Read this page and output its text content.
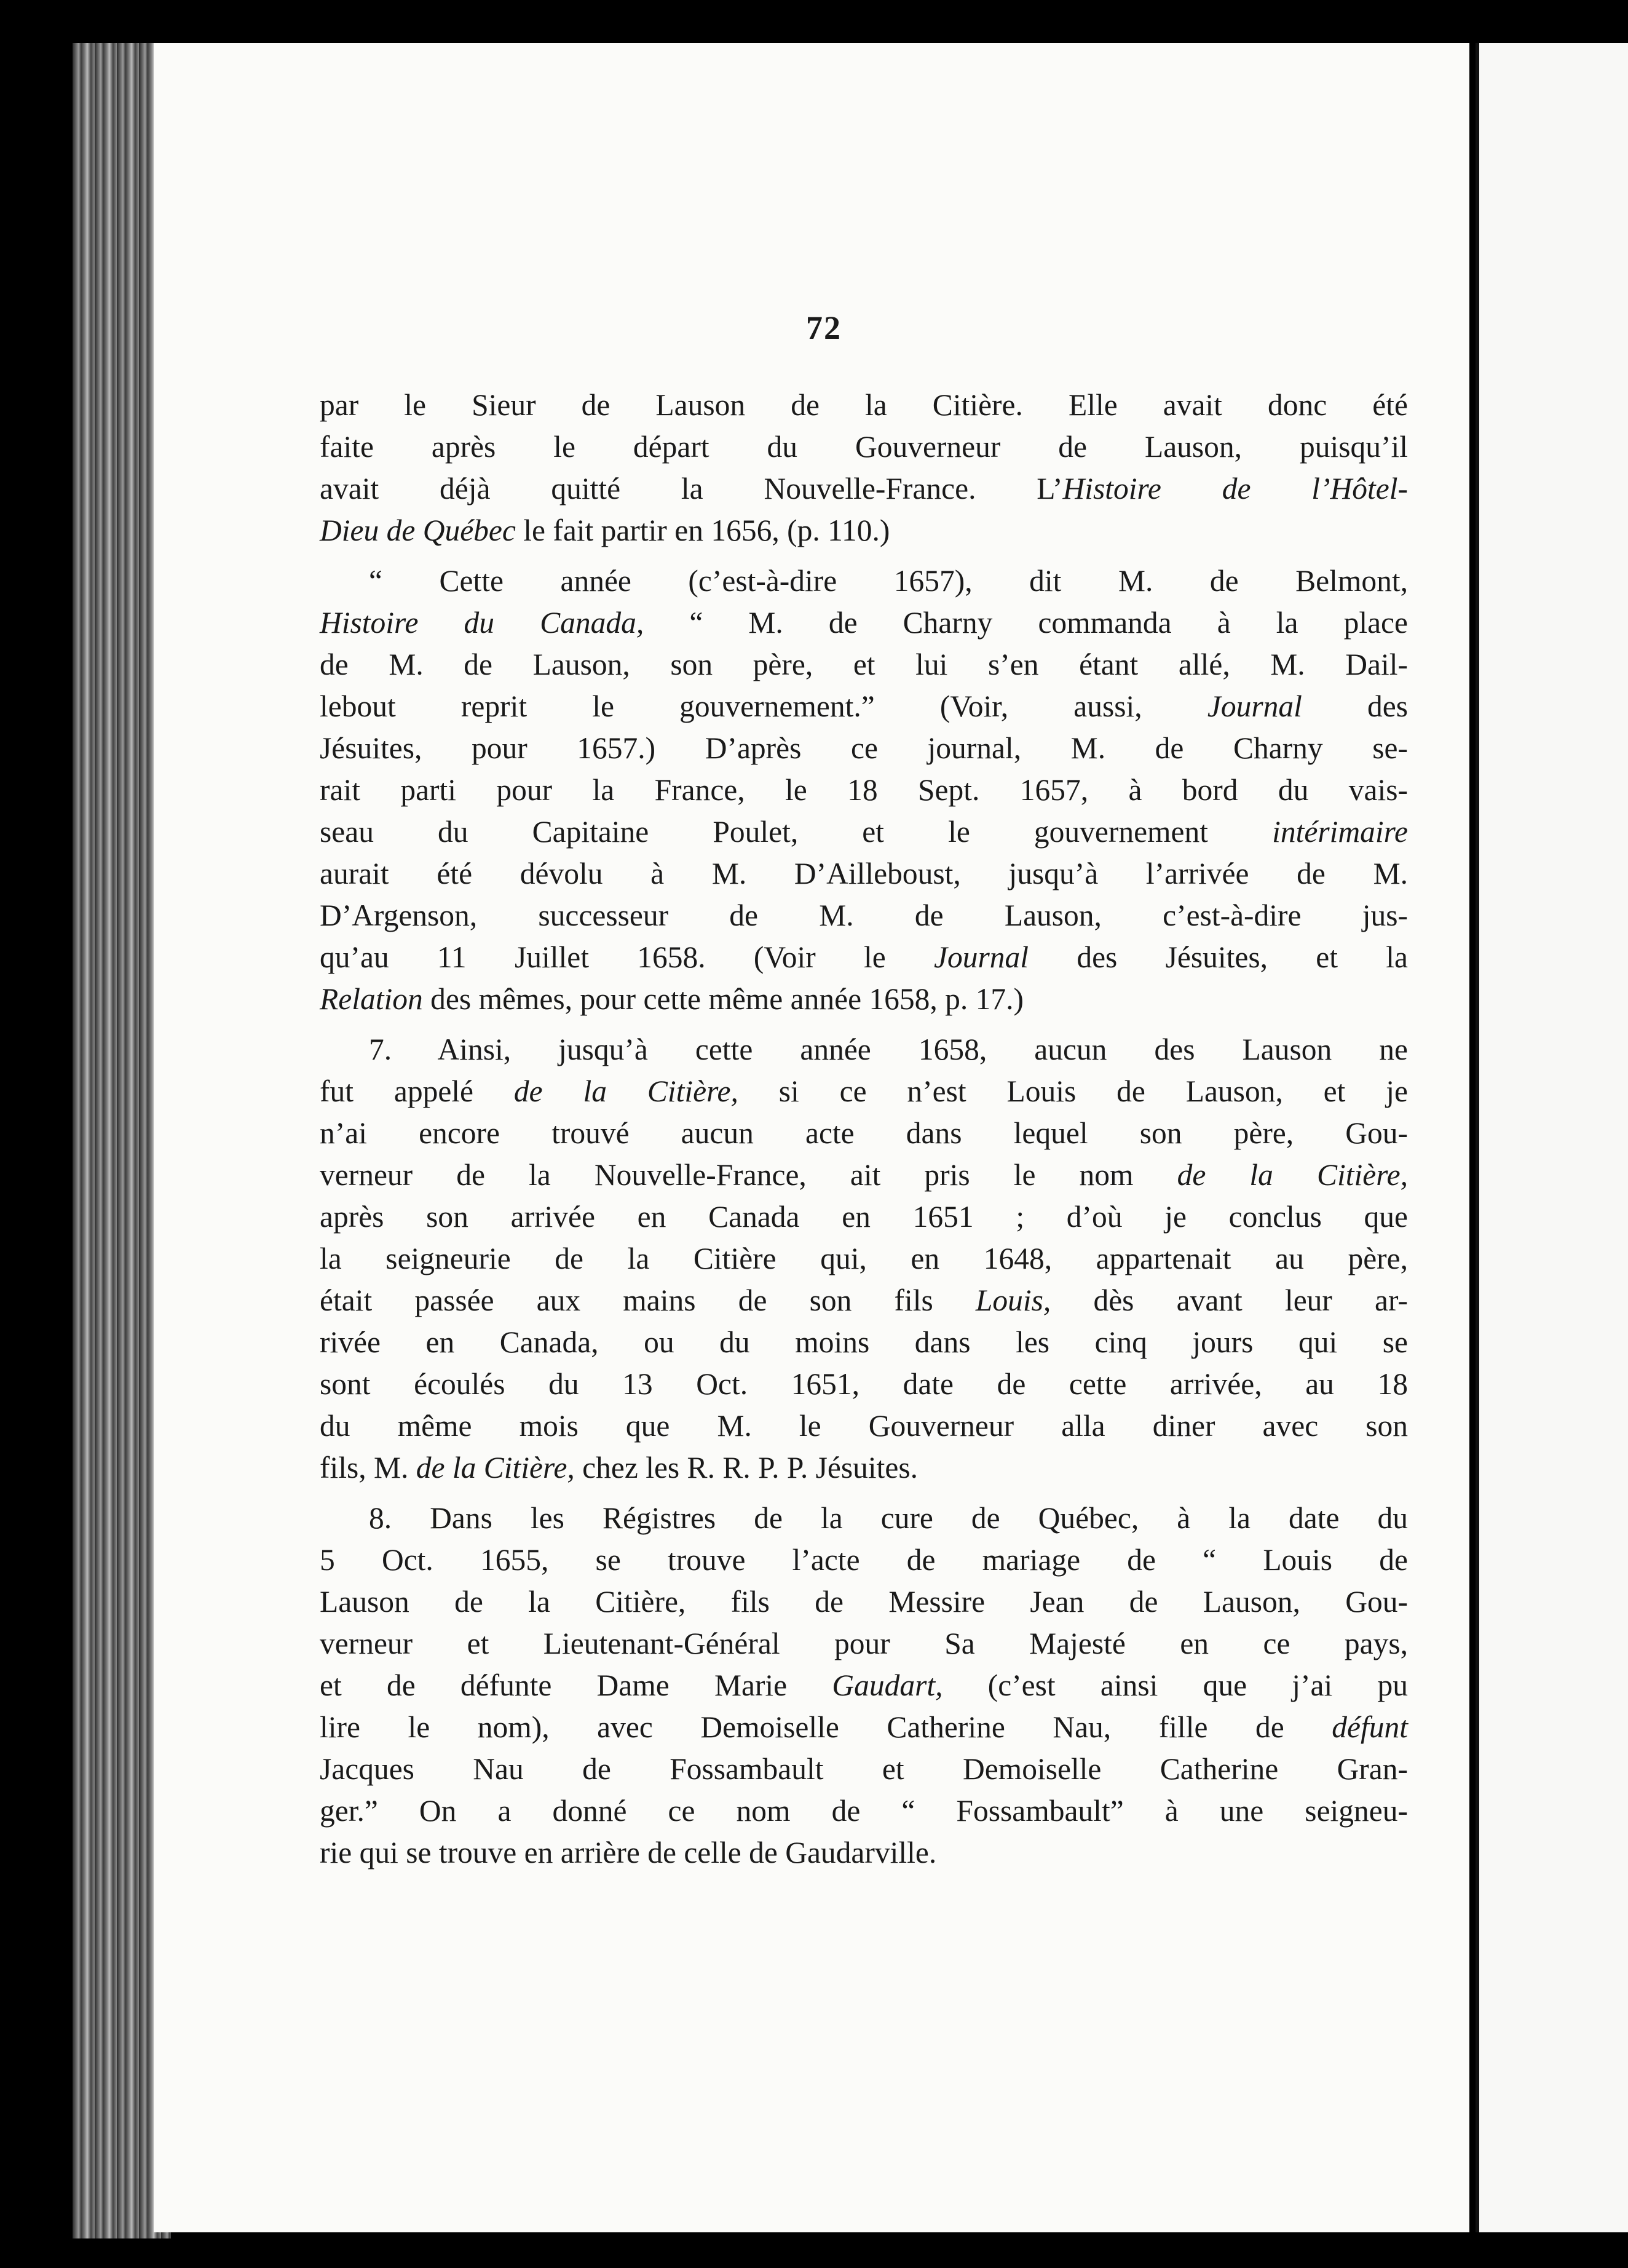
72
par le Sieur de Lauson de la Citière. Elle avait donc été
faite après le départ du Gouverneur de Lauson, puisqu’il
avait déjà quitté la Nouvelle-France. L’Histoire de l’Hôtel-
Dieu de Québec le fait partir en 1656, (p. 110.)
“ Cette année (c’est-à-dire 1657), dit M. de Belmont,
Histoire du Canada, “ M. de Charny commanda à la place
de M. de Lauson, son père, et lui s’en étant allé, M. Dail-
lebout reprit le gouvernement.” (Voir, aussi, Journal des
Jésuites, pour 1657.) D’après ce journal, M. de Charny se-
rait parti pour la France, le 18 Sept. 1657, à bord du vais-
seau du Capitaine Poulet, et le gouvernement intérimaire
aurait été dévolu à M. D’Ailleboust, jusqu’à l’arrivée de M.
D’Argenson, successeur de M. de Lauson, c’est-à-dire jus-
qu’au 11 Juillet 1658. (Voir le Journal des Jésuites, et la
Relation des mêmes, pour cette même année 1658, p. 17.)
7. Ainsi, jusqu’à cette année 1658, aucun des Lauson ne
fut appelé de la Citière, si ce n’est Louis de Lauson, et je
n’ai encore trouvé aucun acte dans lequel son père, Gou-
verneur de la Nouvelle-France, ait pris le nom de la Citière,
après son arrivée en Canada en 1651 ; d’où je conclus que
la seigneurie de la Citière qui, en 1648, appartenait au père,
était passée aux mains de son fils Louis, dès avant leur ar-
rivée en Canada, ou du moins dans les cinq jours qui se
sont écoulés du 13 Oct. 1651, date de cette arrivée, au 18
du même mois que M. le Gouverneur alla diner avec son
fils, M. de la Citière, chez les R. R. P. P. Jésuites.
8. Dans les Régistres de la cure de Québec, à la date du
5 Oct. 1655, se trouve l’acte de mariage de “ Louis de
Lauson de la Citière, fils de Messire Jean de Lauson, Gou-
verneur et Lieutenant-Général pour Sa Majesté en ce pays,
et de défunte Dame Marie Gaudart, (c’est ainsi que j’ai pu
lire le nom), avec Demoiselle Catherine Nau, fille de défunt
Jacques Nau de Fossambault et Demoiselle Catherine Gran-
ger.” On a donné ce nom de “ Fossambault” à une seigneu-
rie qui se trouve en arrière de celle de Gaudarville.
